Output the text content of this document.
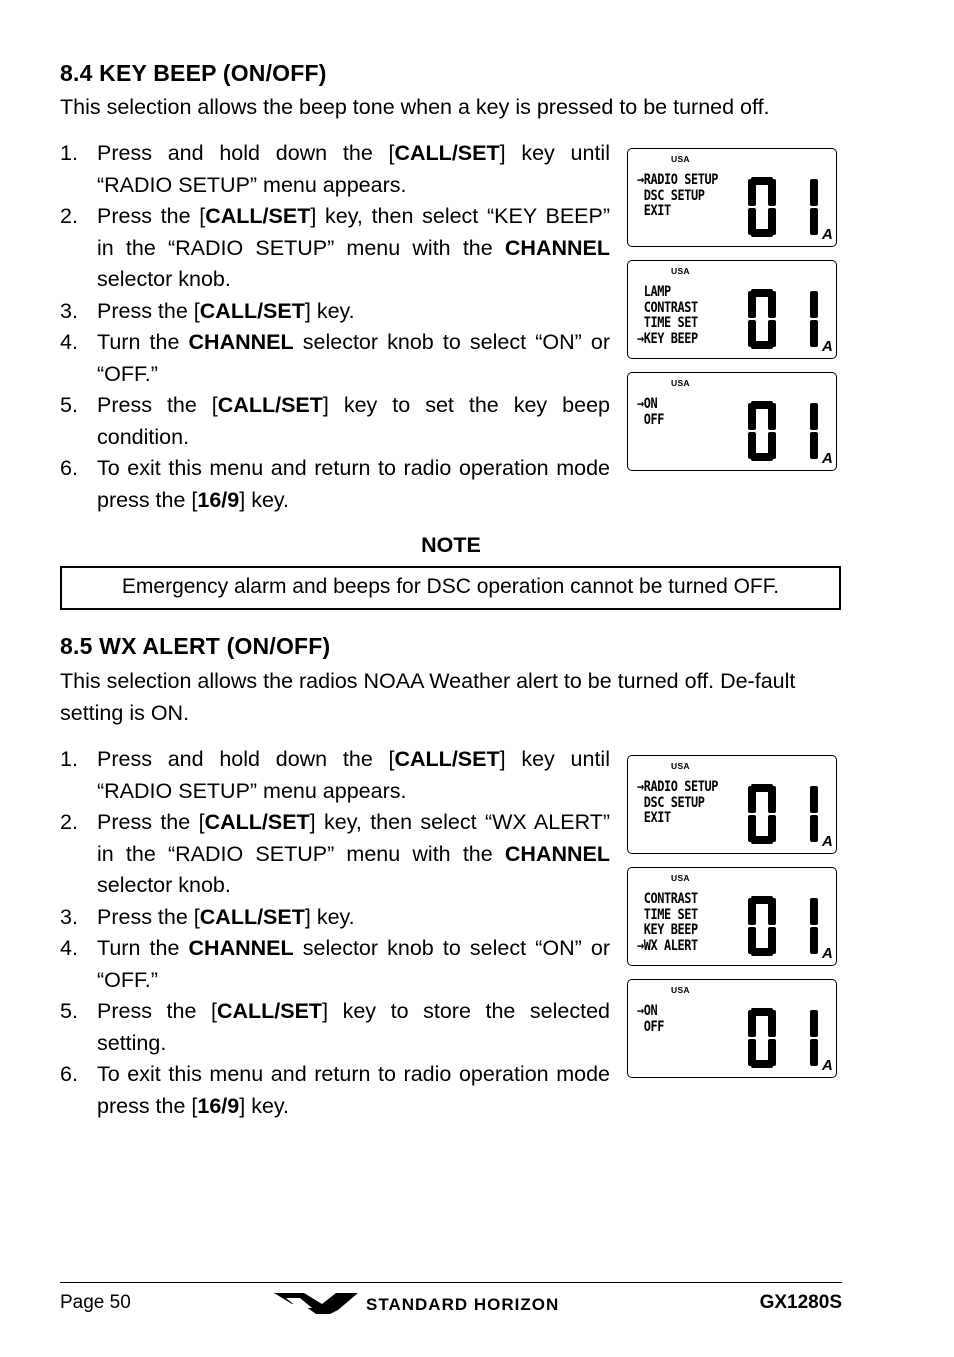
8.4 KEY BEEP (ON/OFF)

This selection allows the beep tone when a key is pressed to be turned off.

1. Press and hold down the [CALL/SET] key until “RADIO SETUP” menu appears.
2. Press the [CALL/SET] key, then select “KEY BEEP” in the “RADIO SETUP” menu with the CHANNEL selector knob.
3. Press the [CALL/SET] key.
4. Turn the CHANNEL selector knob to select “ON” or “OFF.”
5. Press the [CALL/SET] key to set the key beep condition.
6. To exit this menu and return to radio operation mode press the [16/9] key.
USA
→RADIO SETUP
DSC SETUP
EXIT
A
USA
LAMP
CONTRAST
TIME SET
→KEY BEEP	A
USA
→ON
OFF
A

NOTE

Emergency alarm and beeps for DSC operation cannot be turned OFF.
8.5 WX ALERT (ON/OFF)

This selection allows the radios NOAA Weather alert to be turned off. De-fault setting is ON.

1. Press and hold down the [CALL/SET] key until “RADIO SETUP” menu appears.
2. Press the [CALL/SET] key, then select “WX ALERT” in the “RADIO SETUP” menu with the CHANNEL selector knob.
3. Press the [CALL/SET] key.
4. Turn the CHANNEL selector knob to select “ON” or “OFF.”
5. Press the [CALL/SET] key to store the selected setting.
6. To exit this menu and return to radio operation mode press the [16/9] key.
USA
→RADIO SETUP
DSC SETUP
EXIT
A
USA
CONTRAST
TIME SET
KEY BEEP
→WX ALERT	A
USA
→ON
OFF
A
Page 50	STANDARD HORIZON	GX1280S
